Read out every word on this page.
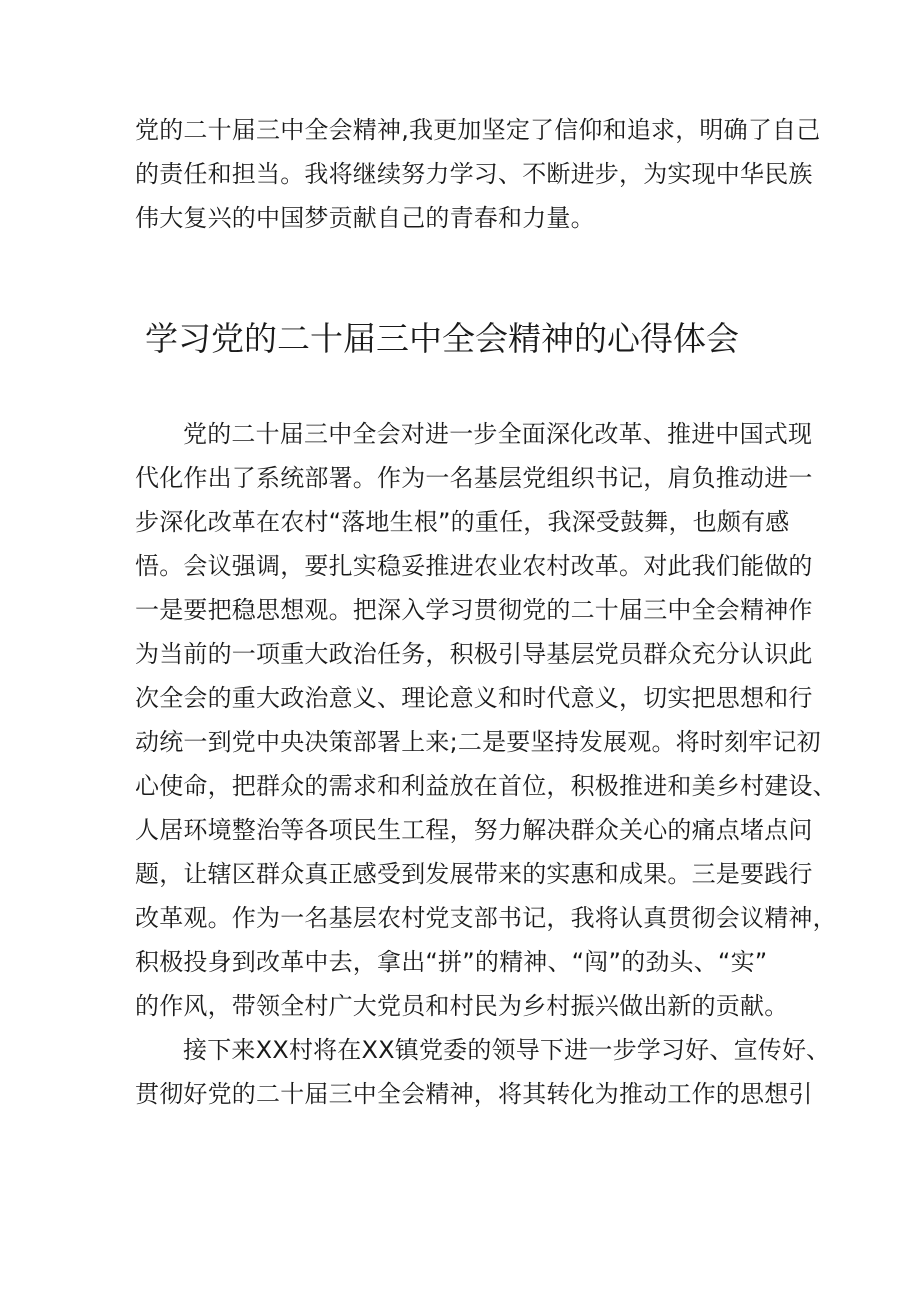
党的二十届三中全会精神,我更加坚定了信仰和追求，明确了自己
的责任和担当。我将继续努力学习、不断进步，为实现中华民族
伟大复兴的中国梦贡献自己的青春和力量。
学习党的二十届三中全会精神的心得体会
党的二十届三中全会对进一步全面深化改革、推进中国式现
代化作出了系统部署。作为一名基层党组织书记，肩负推动进一
步深化改革在农村“落地生根”的重任，我深受鼓舞，也颇有感
悟。会议强调，要扎实稳妥推进农业农村改革。对此我们能做的
一是要把稳思想观。把深入学习贯彻党的二十届三中全会精神作
为当前的一项重大政治任务，积极引导基层党员群众充分认识此
次全会的重大政治意义、理论意义和时代意义，切实把思想和行
动统一到党中央决策部署上来;二是要坚持发展观。将时刻牢记初
心使命，把群众的需求和利益放在首位，积极推进和美乡村建设、
人居环境整治等各项民生工程，努力解决群众关心的痛点堵点问
题，让辖区群众真正感受到发展带来的实惠和成果。三是要践行
改革观。作为一名基层农村党支部书记，我将认真贯彻会议精神，
积极投身到改革中去，拿出“拼”的精神、“闯”的劲头、“实”
的作风，带领全村广大党员和村民为乡村振兴做出新的贡献。
接下来XX村将在XX镇党委的领导下进一步学习好、宣传好、
贯彻好党的二十届三中全会精神，将其转化为推动工作的思想引
